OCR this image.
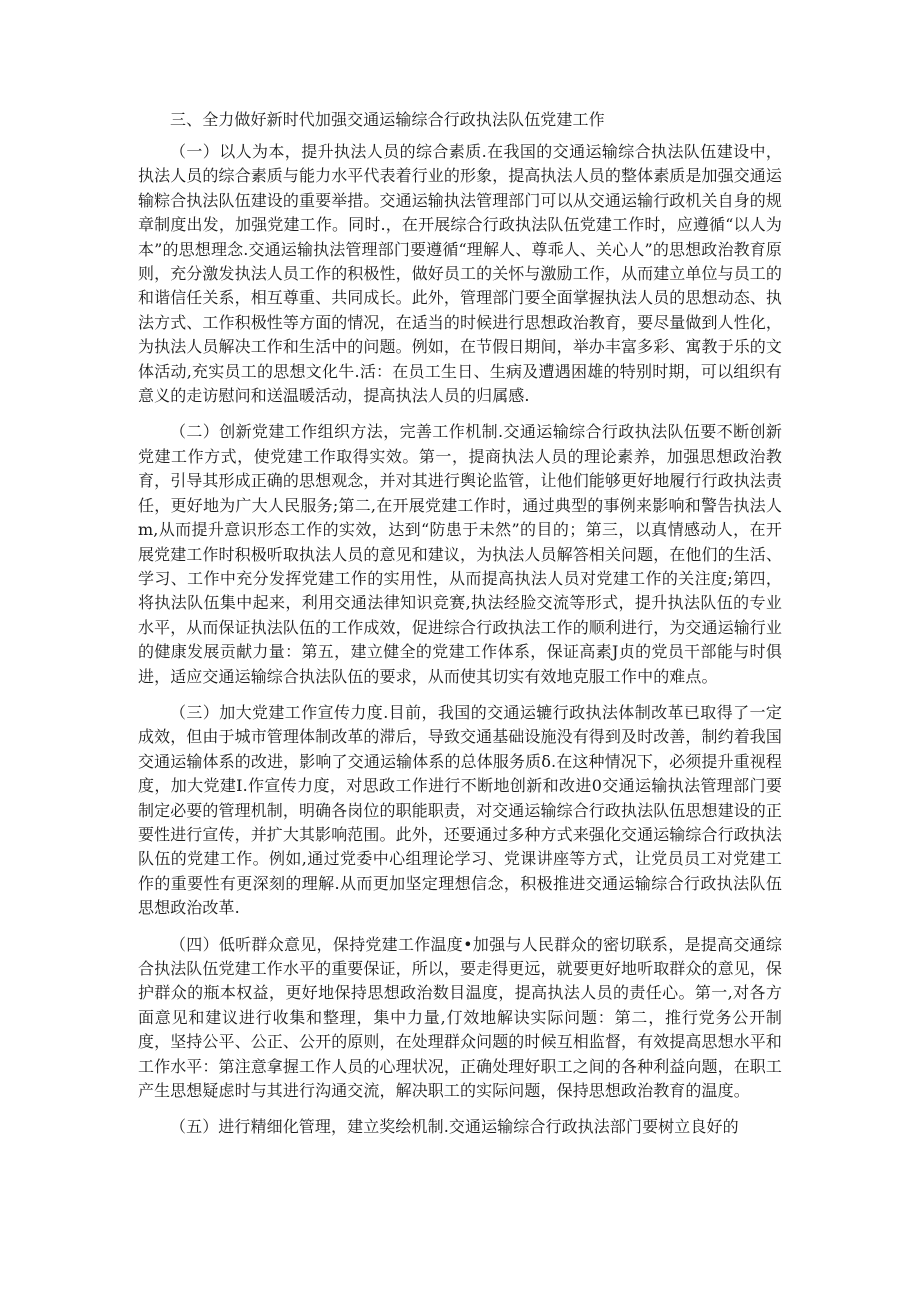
三、全力做好新时代加强交通运输综合行政执法队伍党建工作

（一）以人为本，提升执法人员的综合素质.在我国的交通运输综合执法队伍建设中，执法人员的综合素质与能力水平代表着行业的形象，提高执法人员的整体素质是加强交通运输粽合执法队伍建设的重要举措。交通运输执法管理部门可以从交通运输行政机关自身的规章制度出发，加强党建工作。同时.，在开展综合行政执法队伍党建工作时，应遵循“以人为本”的思想理念.交通运输执法管理部门要遵循“理解人、尊乖人、关心人”的思想政治教育原则，充分激发执法人员工作的积极性，做好员工的关怀与激励工作，从而建立单位与员工的和谐信任关系，相互尊重、共同成长。此外，管理部门要全面掌握执法人员的思想动态、执法方式、工作积极性等方面的情况，在适当的时候进行思想政治教育，要尽量做到人性化，为执法人员解决工作和生活中的问题。例如，在节假日期间，举办丰富多彩、寓教于乐的文体活动,充实员工的思想文化牛.活：在员工生日、生病及遭遇困雄的特别时期，可以组织有意义的走访慰问和送温暖活动，提高执法人员的归属感.

（二）创新党建工作组织方法，完善工作机制.交通运输综合行政执法队伍要不断创新党建工作方式，使党建工作取得实效。第一，提商执法人员的理论素养，加强思想政治教育，引导其形成正确的思想观念，并对其进行舆论监管，让他们能够更好地履行行政执法责任，更好地为广大人民服务;第二,在开展党建工作时，通过典型的事例来影响和警告执法人m,从而提升意识形态工作的实效，达到“防患于未然”的目的；第三，以真情感动人，在开展党建工作时积极听取执法人员的意见和建议，为执法人员解答相关问题，在他们的生活、学习、工作中充分发挥党建工作的实用性，从而提高执法人员对党建工作的关注度;第四，将执法队伍集中起来，利用交通法律知识竞赛,执法经脸交流等形式，提升执法队伍的专业水平，从而保证执法队伍的工作成效，促进综合行政执法工作的顺利进行，为交通运输行业的健康发展贡献力量：第五，建立健全的党建工作体系，保证高素J贞的党员干部能与时俱进，适应交通运输综合执法队伍的要求，从而使其切实有效地克服工作中的难点。

（三）加大党建工作宣传力度.目前，我国的交通运辘行政执法体制改革已取得了一定成效，但由于城市管理体制改革的滞后，导致交通基础设施没有得到及时改善，制约着我国交通运输体系的改进，影响了交通运输体系的总体服务质δ.在这种情况下，必须提升重视程度，加大党建I.作宣传力度，对思政工作进行不断地创新和改进0交通运输执法管理部门要制定必要的管理机制，明确各岗位的职能职责，对交通运输综合行政执法队伍思想建设的正要性进行宣传，并扩大其影响范围。此外，还要通过多种方式来强化交通运输综合行政执法队伍的党建工作。例如,通过党委中心组理论学习、党课讲座等方式，让党员员工对党建工作的重要性有更深刻的理解.从而更加坚定理想信念，积极推进交通运输综合行政执法队伍思想政治改革.

（四）低听群众意见，保持党建工作温度•加强与人民群众的密切联系，是提高交通综合执法队伍党建工作水平的重要保证，所以，要走得更远，就要更好地听取群众的意见，保护群众的瓶本权益，更好地保持思想政治数目温度，提高执法人员的责任心。第一,对各方面意见和建议进行收集和整理，集中力量,仃效地解诀实际问题：第二，推行党务公开制度，坚持公平、公正、公开的原则，在处理群众问题的时候互相监督，有效提高思想水平和工作水平：第注意拿握工作人员的心理状况，正确处理好职工之间的各种利益向题，在职工产生思想疑虑时与其进行沟通交流，解决职工的实际问题，保持思想政治教育的温度。

（五）进行精细化管理，建立奖绘机制.交通运输综合行政执法部门要树立良好的
